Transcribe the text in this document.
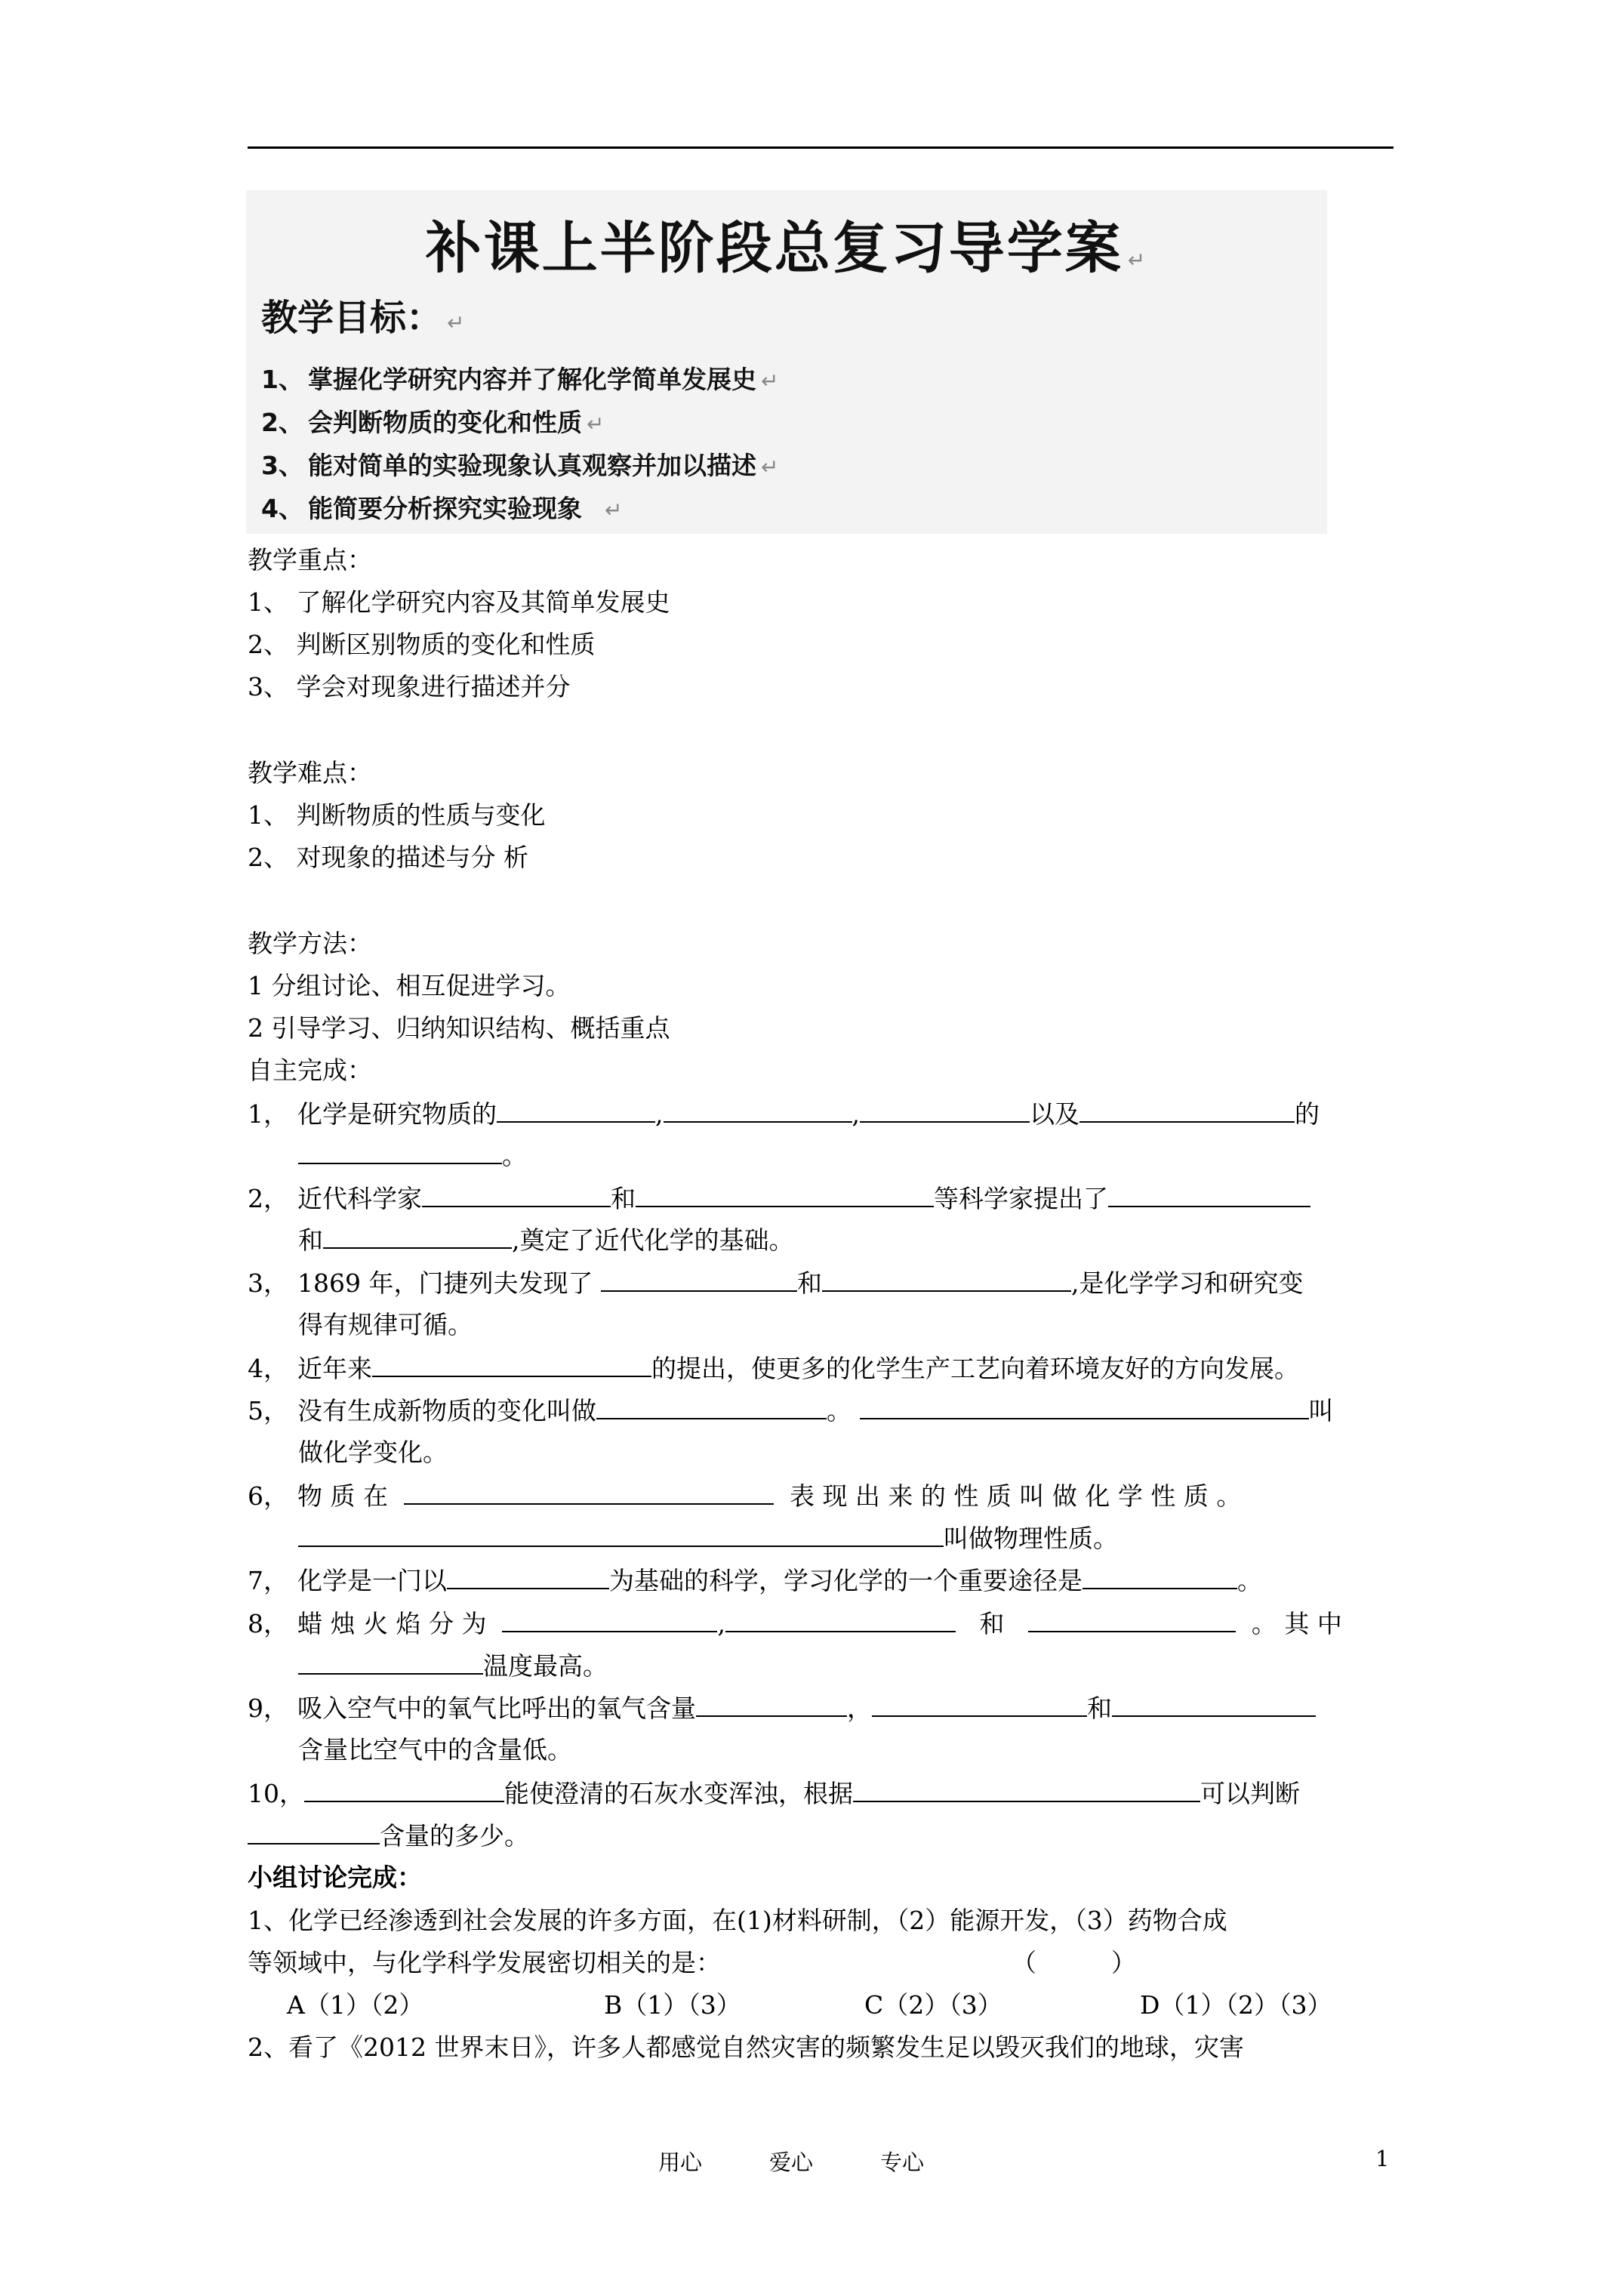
补课上半阶段总复习导学案 ↵
教学目标： ↵
1、 掌握化学研究内容并了解化学简单发展史 ↵
2、 会判断物质的变化和性质 ↵
3、 能对简单的实验现象认真观察并加以描述 ↵
4、 能简要分析探究实验现象 ↵
教学重点：
1、 了解化学研究内容及其简单发展史
2、 判断区别物质的变化和性质
3、 学会对现象进行描述并分
教学难点：
1、 判断物质的性质与变化
2、 对现象的描述与分 析
教学方法：
1 分组讨论、相互促进学习。
2 引导学习、归纳知识结构、概括重点
自主完成：
1， 化学是研究物质的	,	,	以及	的
。
2， 近代科学家	和	等科学家提出了
和	,奠定了近代化学的基础。
3， 1869 年，门捷列夫发现了	和	,是化学学习和研究变
得有规律可循。
4， 近年来	的提出，使更多的化学生产工艺向着环境友好的方向发展。
5， 没有生成新物质的变化叫做	。	叫
做化学变化。
6， 物 质 在	表 现 出 来 的 性 质 叫 做 化 学 性 质 。
叫做物理性质。
7， 化学是一门以	为基础的科学，学习化学的一个重要途径是	。
8， 蜡 烛 火 焰 分 为	,	和	。 其 中
温度最高。
9， 吸入空气中的氧气比呼出的氧气含量	，	和
含量比空气中的含量低。
10，	能使澄清的石灰水变浑浊，根据	可以判断
含量的多少。
小组讨论完成：
1、化学已经渗透到社会发展的许多方面，在(1)材料研制，（2）能源开发，（3）药物合成
等领域中，与化学科学发展密切相关的是：	（　　　）
A（1）（2）	B（1）（3）	C（2）（3）	D（1）（2）（3）
2、看了《2012 世界末日》，许多人都感觉自然灾害的频繁发生足以毁灭我们的地球，灾害
用心	爱心	专心	1
